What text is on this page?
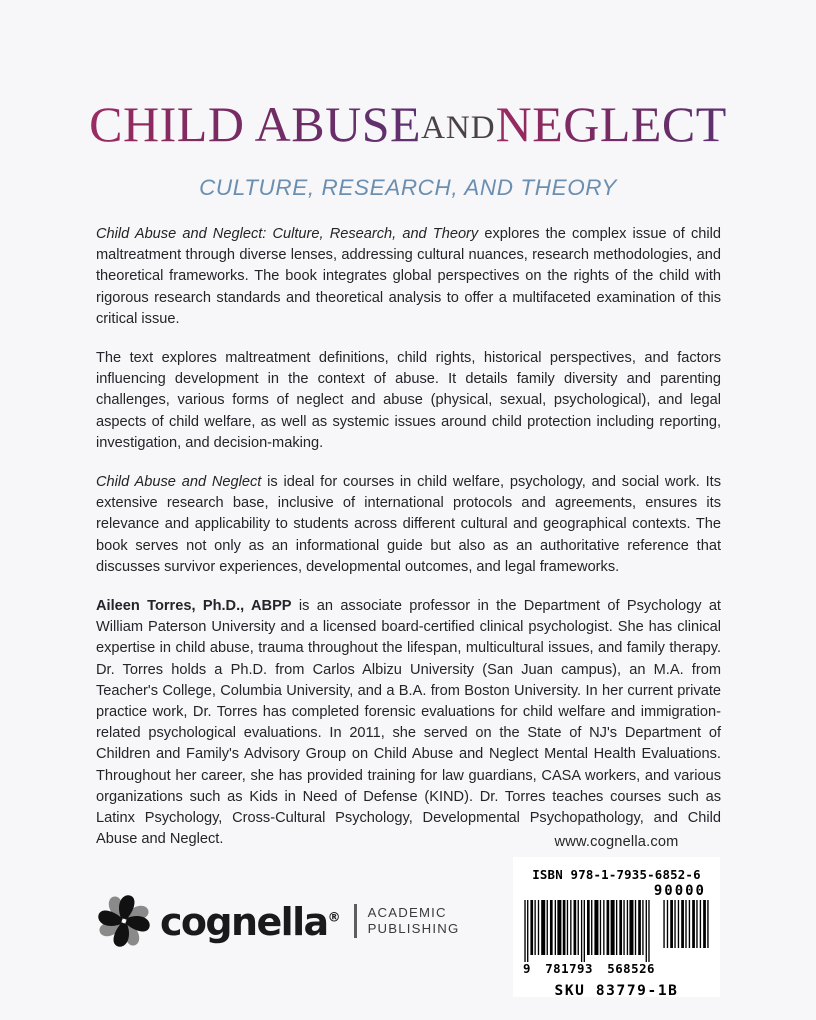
CHILD ABUSEANDNEGLECT

CULTURE, RESEARCH, AND THEORY

Child Abuse and Neglect: Culture, Research, and Theory explores the complex issue of child maltreatment through diverse lenses, addressing cultural nuances, research methodologies, and theoretical frameworks. The book integrates global perspectives on the rights of the child with rigorous research standards and theoretical analysis to offer a multifaceted examination of this critical issue.

The text explores maltreatment definitions, child rights, historical perspectives, and factors influencing development in the context of abuse. It details family diversity and parenting challenges, various forms of neglect and abuse (physical, sexual, psychological), and legal aspects of child welfare, as well as systemic issues around child protection including reporting, investigation, and decision-making.

Child Abuse and Neglect is ideal for courses in child welfare, psychology, and social work. Its extensive research base, inclusive of international protocols and agreements, ensures its relevance and applicability to students across different cultural and geographical contexts. The book serves not only as an informational guide but also as an authoritative reference that discusses survivor experiences, developmental outcomes, and legal frameworks.

Aileen Torres, Ph.D., ABPP is an associate professor in the Department of Psychology at William Paterson University and a licensed board-certified clinical psychologist. She has clinical expertise in child abuse, trauma throughout the lifespan, multicultural issues, and family therapy. Dr. Torres holds a Ph.D. from Carlos Albizu University (San Juan campus), an M.A. from Teacher's College, Columbia University, and a B.A. from Boston University. In her current private practice work, Dr. Torres has completed forensic evaluations for child welfare and immigration-related psychological evaluations. In 2011, she served on the State of NJ's Department of Children and Family's Advisory Group on Child Abuse and Neglect Mental Health Evaluations. Throughout her career, she has provided training for law guardians, CASA workers, and various organizations such as Kids in Need of Defense (KIND). Dr. Torres teaches courses such as Latinx Psychology, Cross-Cultural Psychology, Developmental Psychopathology, and Child Abuse and Neglect.

cognella® ACADEMIC
PUBLISHING
www.cognella.com
ISBN 978-1-7935-6852-6
90000
9 781793 568526
SKU 83779-1B
